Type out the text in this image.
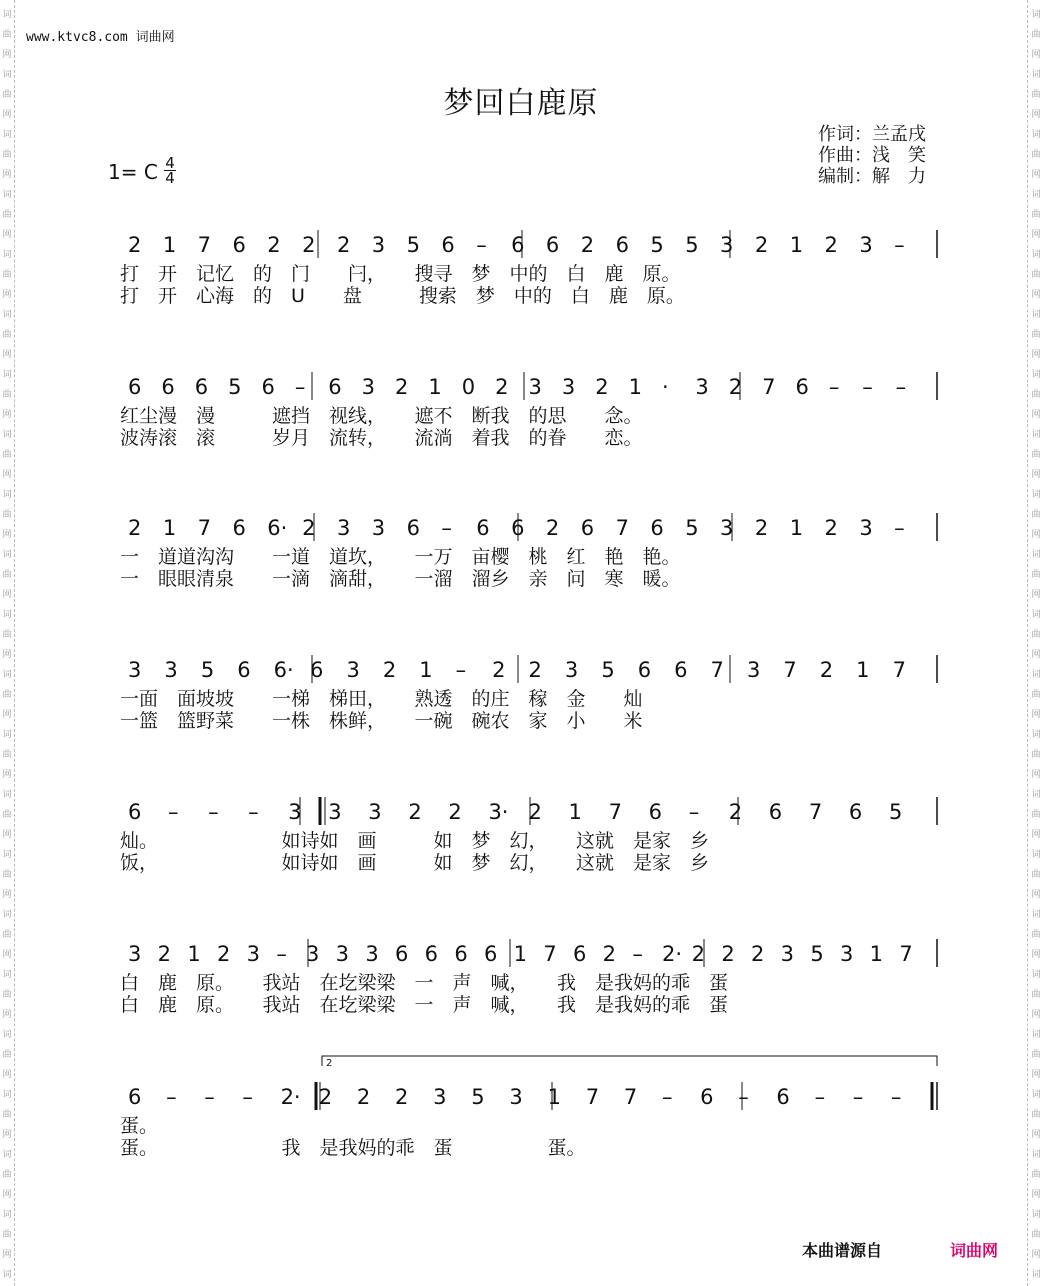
词
曲
网
词
曲
网
词
曲
网
词
曲
网
词
曲
网
词
曲
网
词
曲
网
词
曲
网
词
曲
网
词
曲
网
词
曲
网
词
曲
网
词
曲
网
词
曲
网
词
曲
网
词
曲
网
词
曲
网
词
曲
网
词
曲
网
词
曲
网
词
曲
网
词
词
曲
网
词
曲
网
词
曲
网
词
曲
网
词
曲
网
词
曲
网
词
曲
网
词
曲
网
词
曲
网
词
曲
网
词
曲
网
词
曲
网
词
曲
网
词
曲
网
词
曲
网
词
曲
网
词
曲
网
词
曲
网
词
曲
网
词
曲
网
词
曲
网
词
www.ktvc8.com 词曲网
梦回白鹿原
作词：兰孟戌
作曲：浅　笑
编制：解　力
1= C 4
4
2 1 7 6 2 2 2 3 5 6 – 6 6 2 6 5 5 3 2 1 2 3 –
打　开　记忆　的　门　　闩，　　搜寻　梦　中的　白　鹿　原。
打　开　心海　的　U　　盘　　　搜索　梦　中的　白　鹿　原。
6 6 6 5 6 – 6 3 2 1 0 2 3 3 2 1 · 3 2 7 6 – – –
红尘漫　漫　　　遮挡　视线，　　遮不　断我　的思　　念。
波涛滚　滚　　　岁月　流转，　　流淌　着我　的眷　　恋。
2 1 7 6 6· 2 3 3 6 – 6 6 2 6 7 6 5 3 2 1 2 3 –
一　道道沟沟　　一道　道坎，　　一万　亩樱　桃　红　艳　艳。
一　眼眼清泉　　一滴　滴甜，　　一溜　溜乡　亲　问　寒　暖。
3 3 5 6 6· 6 3 2 1 – 2 2 3 5 6 6 7 3 7 2 1 7
一面　面坡坡　　一梯　梯田，　　熟透　的庄　稼　金　　灿
一篮　篮野菜　　一株　株鲜，　　一碗　碗农　家　小　　米
6 – – – 3 3 3 2 2 3· 2 1 7 6 – 2 6 7 6 5
灿。　　　　　　　如诗如　画　　　如　梦　幻，　　这就　是家　乡
饭，　　　　　　　如诗如　画　　　如　梦　幻，　　这就　是家　乡
3 2 1 2 3 – 3 3 3 6 6 6 6 1 7 6 2 – 2· 2 2 2 3 5 3 1 7
白　鹿　原。　　我站　在圪梁梁　一　声　喊，　　我　是我妈的乖　蛋
白　鹿　原。　　我站　在圪梁梁　一　声　喊，　　我　是我妈的乖　蛋
6 – – – 2· 2 2 2 3 5 3 1 7 7 – 6 – 6 – – –
蛋。
蛋。　　　　　　　我　是我妈的乖　蛋　　　　　蛋。
2
本曲谱源自	词曲网
